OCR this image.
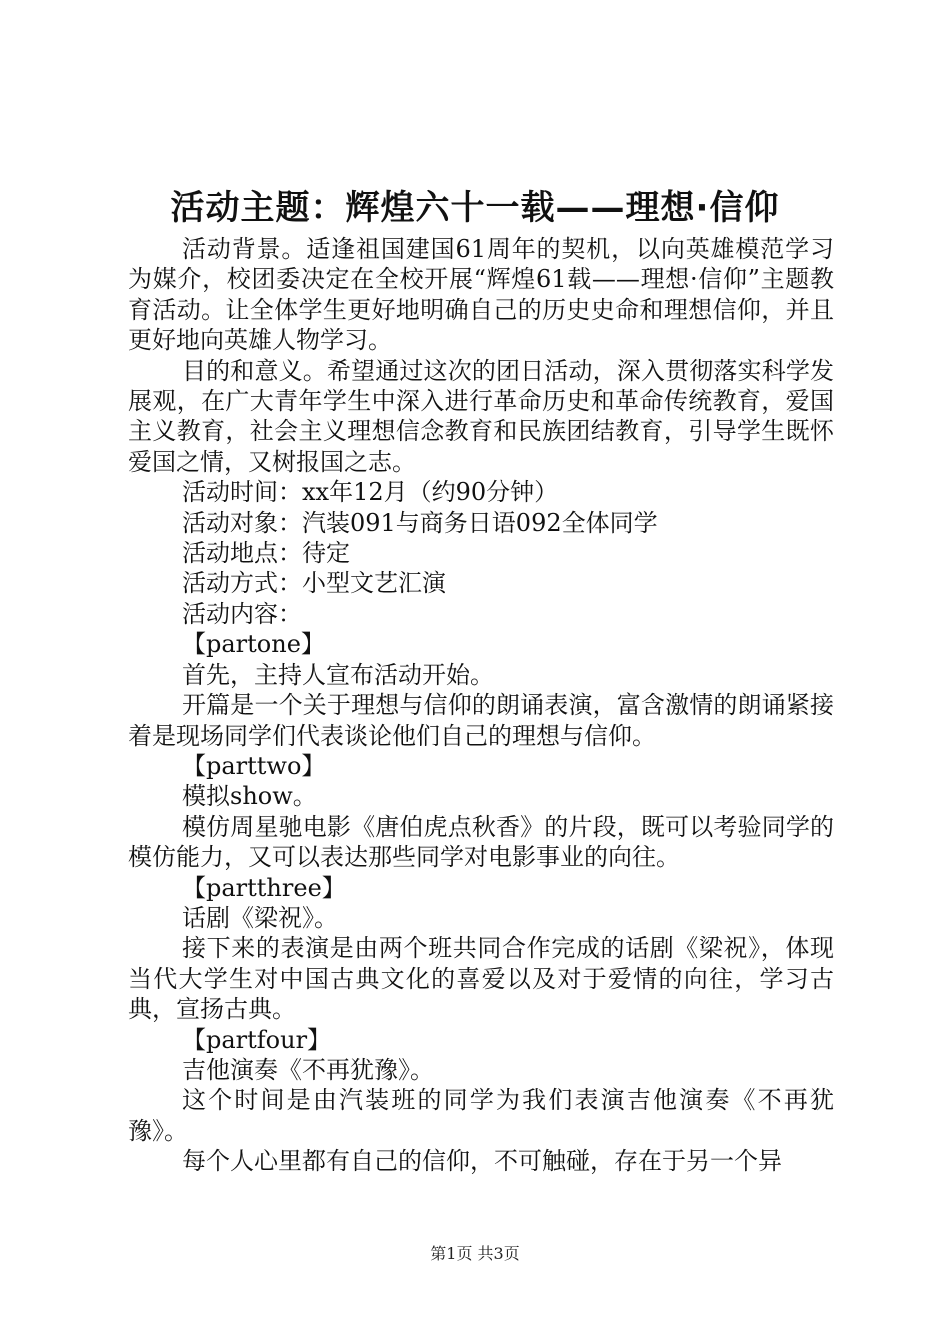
活动主题：辉煌六十一载——理想·信仰

活动背景。适逢祖国建国61周年的契机，以向英雄模范学习为媒介，校团委决定在全校开展“辉煌61载——理想·信仰”主题教育活动。让全体学生更好地明确自己的历史史命和理想信仰，并且更好地向英雄人物学习。

目的和意义。希望通过这次的团日活动，深入贯彻落实科学发展观，在广大青年学生中深入进行革命历史和革命传统教育，爱国主义教育，社会主义理想信念教育和民族团结教育，引导学生既怀爱国之情，又树报国之志。

活动时间：xx年12月（约90分钟）

活动对象：汽装091与商务日语092全体同学

活动地点：待定

活动方式：小型文艺汇演

活动内容：

【partone】

首先，主持人宣布活动开始。

开篇是一个关于理想与信仰的朗诵表演，富含激情的朗诵紧接着是现场同学们代表谈论他们自己的理想与信仰。

【parttwo】

模拟show。

模仿周星驰电影《唐伯虎点秋香》的片段，既可以考验同学的模仿能力，又可以表达那些同学对电影事业的向往。

【partthree】

话剧《梁祝》。

接下来的表演是由两个班共同合作完成的话剧《梁祝》，体现当代大学生对中国古典文化的喜爱以及对于爱情的向往，学习古典，宣扬古典。

【partfour】

吉他演奏《不再犹豫》。

这个时间是由汽装班的同学为我们表演吉他演奏《不再犹豫》。

每个人心里都有自己的信仰，不可触碰，存在于另一个异

第1页 共3页
